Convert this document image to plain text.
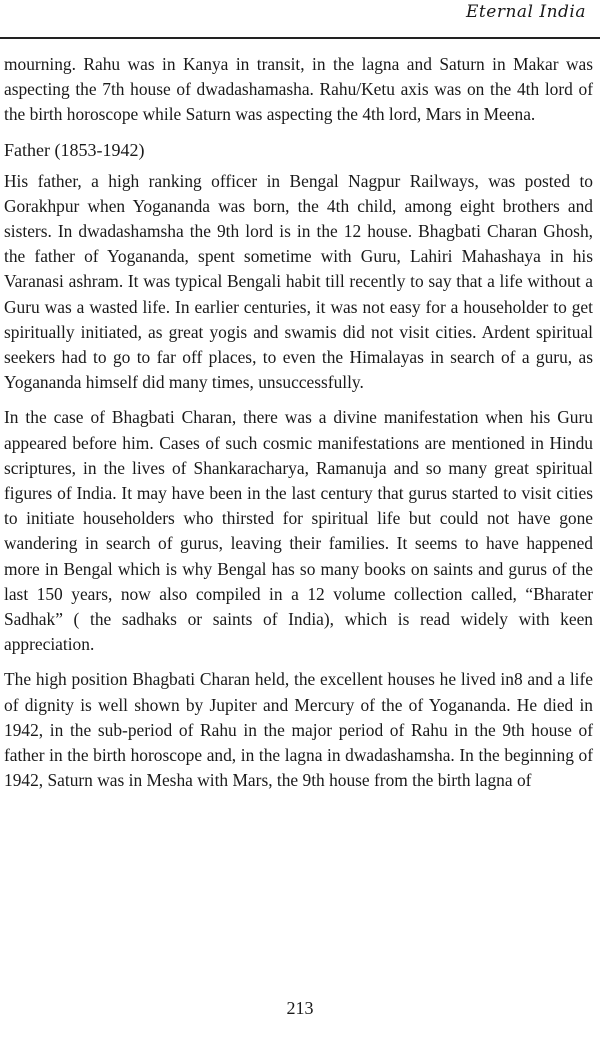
Eternal India

mourning. Rahu was in Kanya in transit, in the lagna and Saturn in Makar was aspecting the 7th house of dwadashamasha. Rahu/Ketu axis was on the 4th lord of the birth horoscope while Saturn was aspecting the 4th lord, Mars in Meena.

Father (1853-1942)

His father, a high ranking officer in Bengal Nagpur Railways, was posted to Gorakhpur when Yogananda was born, the 4th child, among eight brothers and sisters. In dwadashamsha the 9th lord is in the 12 house. Bhagbati Charan Ghosh, the father of Yogananda, spent sometime with Guru, Lahiri Mahashaya in his Varanasi ashram. It was typical Bengali habit till recently to say that a life without a Guru was a wasted life. In earlier centuries, it was not easy for a householder to get spiritually initiated, as great yogis and swamis did not visit cities. Ardent spiritual seekers had to go to far off places, to even the Himalayas in search of a guru, as Yogananda himself did many times, unsuccessfully.

In the case of Bhagbati Charan, there was a divine manifestation when his Guru appeared before him. Cases of such cosmic manifestations are mentioned in Hindu scriptures, in the lives of Shankaracharya, Ramanuja and so many great spiritual figures of India. It may have been in the last century that gurus started to visit cities to initiate householders who thirsted for spiritual life but could not have gone wandering in search of gurus, leaving their families. It seems to have happened more in Bengal which is why Bengal has so many books on saints and gurus of the last 150 years, now also compiled in a 12 volume collection called, “Bharater Sadhak” ( the sadhaks or saints of India), which is read widely with keen appreciation.

The high position Bhagbati Charan held, the excellent houses he lived in8 and a life of dignity is well shown by Jupiter and Mercury of the of Yogananda. He died in 1942, in the sub-period of Rahu in the major period of Rahu in the 9th house of father in the birth horoscope and, in the lagna in dwadashamsha. In the beginning of 1942, Saturn was in Mesha with Mars, the 9th house from the birth lagna of

213
